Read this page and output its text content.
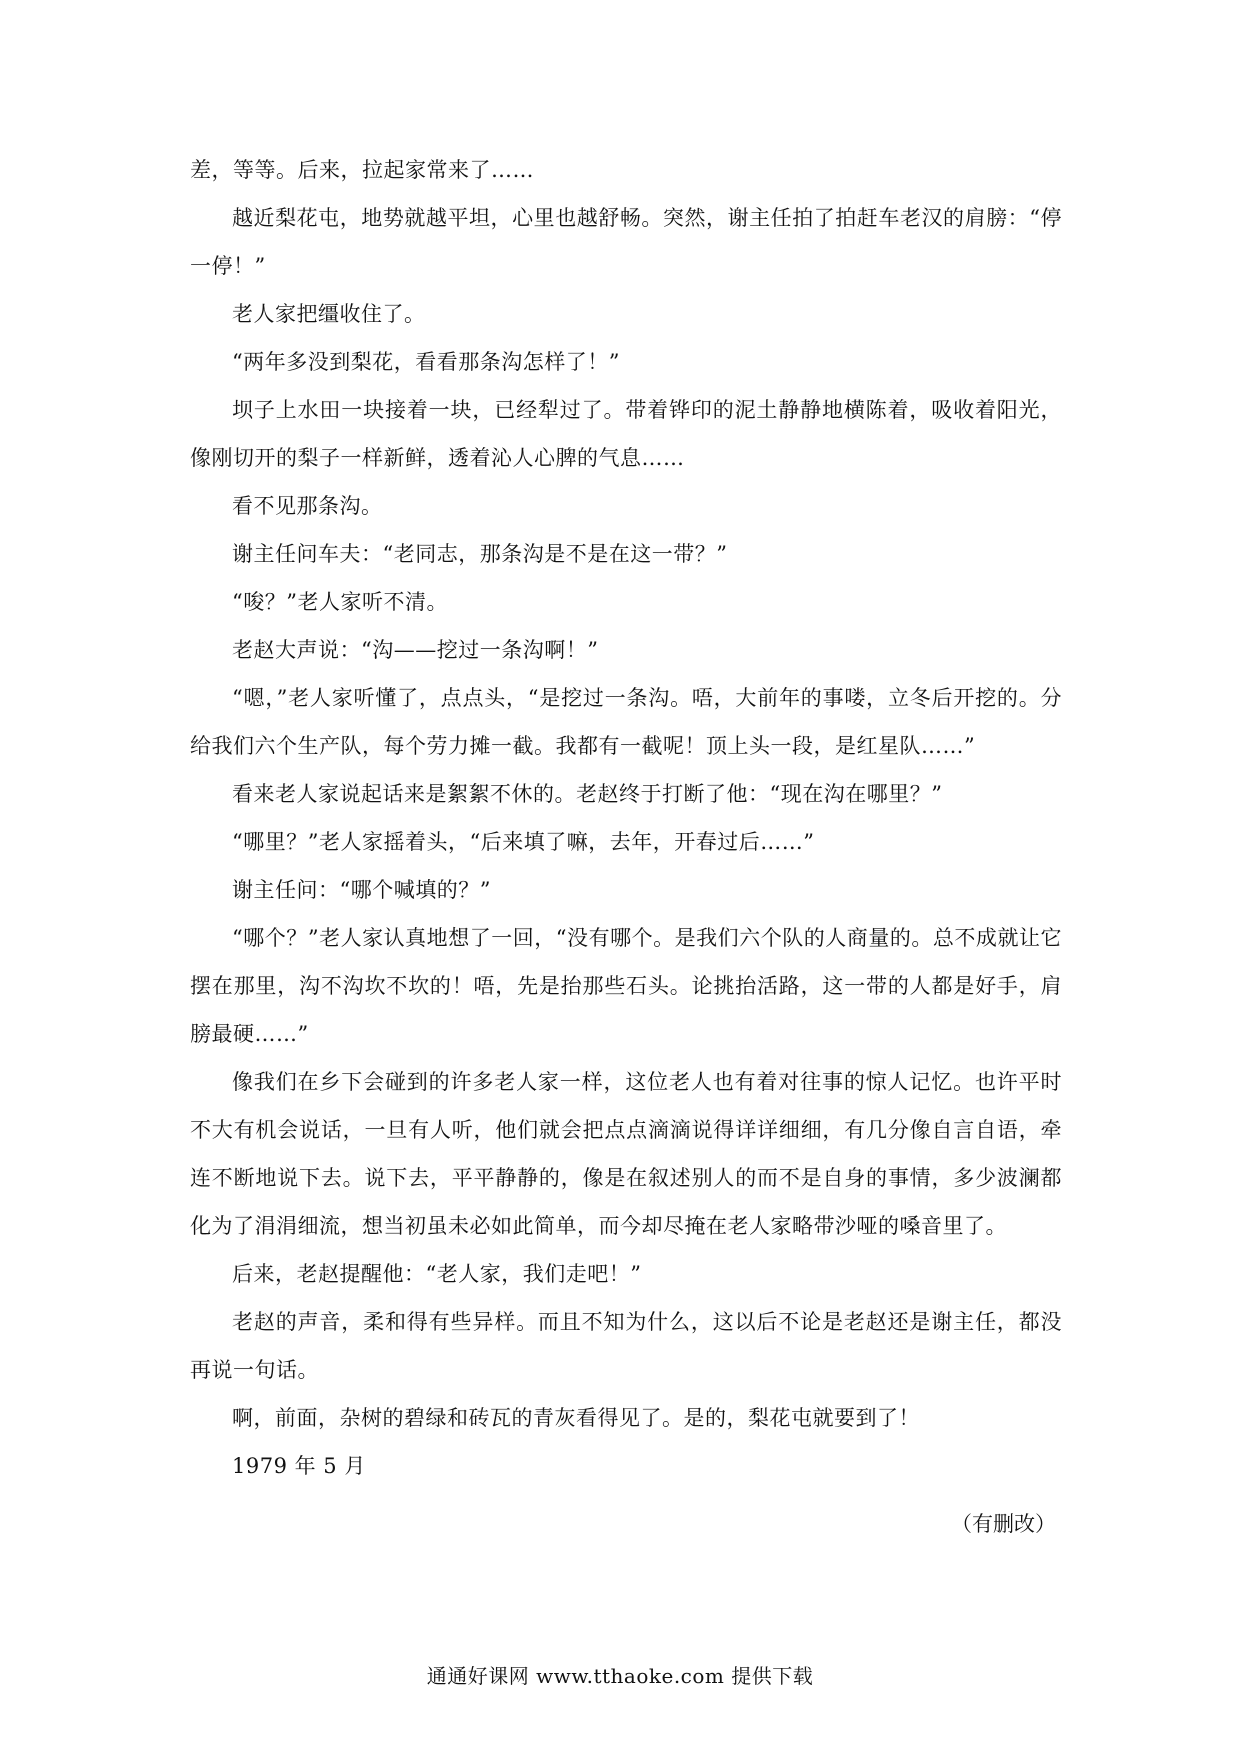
差，等等。后来，拉起家常来了……

越近梨花屯，地势就越平坦，心里也越舒畅。突然，谢主任拍了拍赶车老汉的肩膀：“停一停！”

老人家把缰收住了。

“两年多没到梨花，看看那条沟怎样了！”

坝子上水田一块接着一块，已经犁过了。带着铧印的泥土静静地横陈着，吸收着阳光，像刚切开的梨子一样新鲜，透着沁人心脾的气息……

看不见那条沟。

谢主任问车夫：“老同志，那条沟是不是在这一带？”

“唆？”老人家听不清。

老赵大声说：“沟——挖过一条沟啊！”

“嗯，”老人家听懂了，点点头，“是挖过一条沟。唔，大前年的事喽，立冬后开挖的。分给我们六个生产队，每个劳力摊一截。我都有一截呢！顶上头一段，是红星队……”

看来老人家说起话来是絮絮不休的。老赵终于打断了他：“现在沟在哪里？”

“哪里？”老人家摇着头，“后来填了嘛，去年，开春过后……”

谢主任问：“哪个喊填的？”

“哪个？”老人家认真地想了一回，“没有哪个。是我们六个队的人商量的。总不成就让它摆在那里，沟不沟坎不坎的！唔，先是抬那些石头。论挑抬活路，这一带的人都是好手，肩膀最硬……”

像我们在乡下会碰到的许多老人家一样，这位老人也有着对往事的惊人记忆。也许平时不大有机会说话，一旦有人听，他们就会把点点滴滴说得详详细细，有几分像自言自语，牵连不断地说下去。说下去，平平静静的，像是在叙述别人的而不是自身的事情，多少波澜都化为了涓涓细流，想当初虽未必如此简单，而今却尽掩在老人家略带沙哑的嗓音里了。

后来，老赵提醒他：“老人家，我们走吧！”

老赵的声音，柔和得有些异样。而且不知为什么，这以后不论是老赵还是谢主任，都没再说一句话。

啊，前面，杂树的碧绿和砖瓦的青灰看得见了。是的，梨花屯就要到了！

1979 年 5 月

（有删改）

通通好课网 www.tthaoke.com 提供下载
